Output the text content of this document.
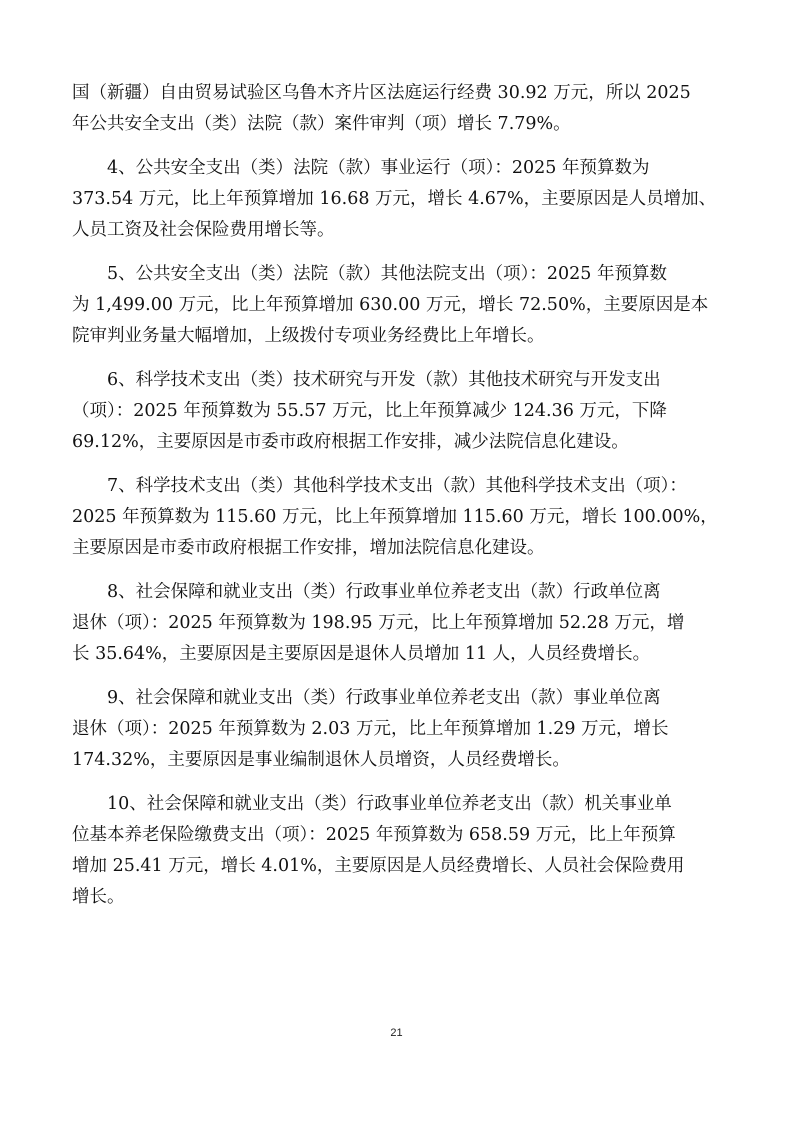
国（新疆）自由贸易试验区乌鲁木齐片区法庭运行经费 30.92 万元，所以 2025
年公共安全支出（类）法院（款）案件审判（项）增长 7.79%。

4、公共安全支出（类）法院（款）事业运行（项）：2025 年预算数为
373.54 万元，比上年预算增加 16.68 万元，增长 4.67%，主要原因是人员增加、
人员工资及社会保险费用增长等。

5、公共安全支出（类）法院（款）其他法院支出（项）：2025 年预算数
为 1,499.00 万元，比上年预算增加 630.00 万元，增长 72.50%，主要原因是本
院审判业务量大幅增加，上级拨付专项业务经费比上年增长。

6、科学技术支出（类）技术研究与开发（款）其他技术研究与开发支出
（项）：2025 年预算数为 55.57 万元，比上年预算减少 124.36 万元，下降
69.12%，主要原因是市委市政府根据工作安排，减少法院信息化建设。

7、科学技术支出（类）其他科学技术支出（款）其他科学技术支出（项）：
2025 年预算数为 115.60 万元，比上年预算增加 115.60 万元，增长 100.00%，
主要原因是市委市政府根据工作安排，增加法院信息化建设。

8、社会保障和就业支出（类）行政事业单位养老支出（款）行政单位离
退休（项）：2025 年预算数为 198.95 万元，比上年预算增加 52.28 万元，增
长 35.64%，主要原因是主要原因是退休人员增加 11 人，人员经费增长。

9、社会保障和就业支出（类）行政事业单位养老支出（款）事业单位离
退休（项）：2025 年预算数为 2.03 万元，比上年预算增加 1.29 万元，增长
174.32%，主要原因是事业编制退休人员增资，人员经费增长。

10、社会保障和就业支出（类）行政事业单位养老支出（款）机关事业单
位基本养老保险缴费支出（项）：2025 年预算数为 658.59 万元，比上年预算
增加 25.41 万元，增长 4.01%，主要原因是人员经费增长、人员社会保险费用
增长。

21
